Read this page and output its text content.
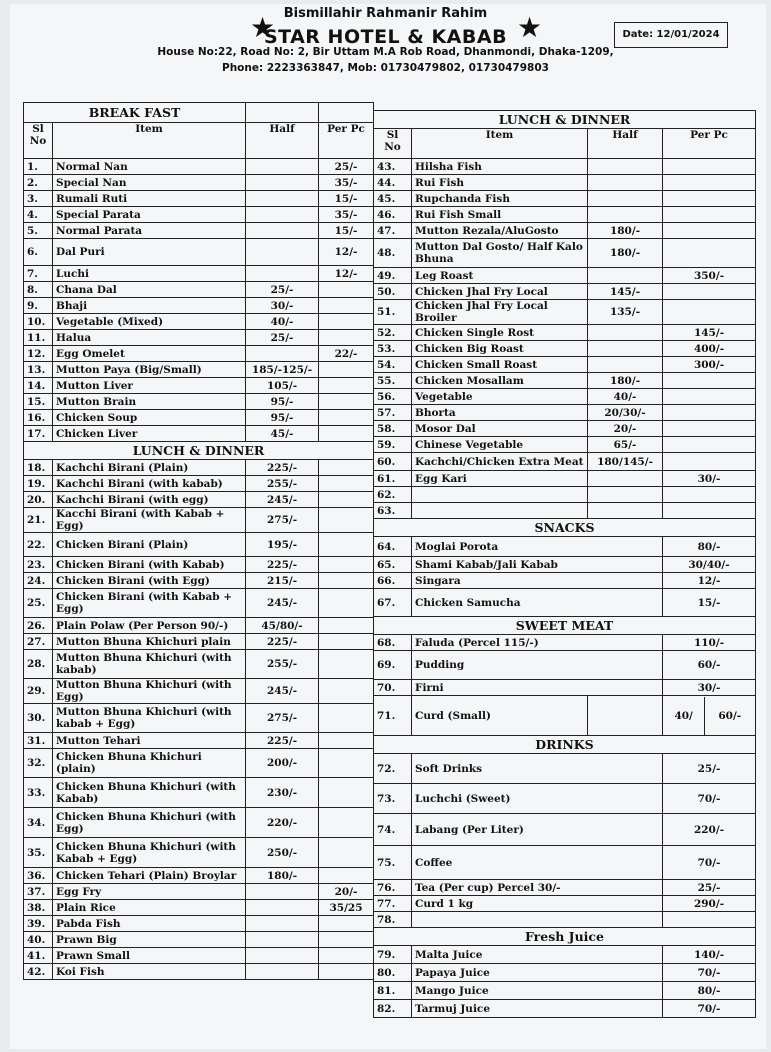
Bismillahir Rahmanir Rahim
★
STAR HOTEL & KABAB ★
House No:22, Road No: 2, Bir Uttam M.A Rob Road, Dhanmondi, Dhaka-1209,
Phone: 2223363847, Mob: 01730479802, 01730479803
Date: 12/01/2024
BREAK FAST			
Sl No	Item	Half	Per Pc
1.	Normal Nan		25/-
2.	Special Nan		35/-
3.	Rumali Ruti		15/-
4.	Special Parata		35/-
5.	Normal Parata		15/-
6.	Dal Puri		12/-
7.	Luchi		12/-
8.	Chana Dal	25/-	
9.	Bhaji	30/-	
10.	Vegetable (Mixed)	40/-	
11.	Halua	25/-	
12.	Egg Omelet		22/-
13.	Mutton Paya (Big/Small)	185/-125/-	
14.	Mutton Liver	105/-	
15.	Mutton Brain	95/-	
16.	Chicken Soup	95/-	
17.	Chicken Liver	45/-	
LUNCH & DINNER			
18.	Kachchi Birani (Plain)	225/-	
19.	Kachchi Birani (with kabab)	255/-	
20.	Kachchi Birani (with egg)	245/-	
21.	Kacchi Birani (with Kabab + Egg)	275/-	
22.	Chicken Birani (Plain)	195/-	
23.	Chicken Birani (with Kabab)	225/-	
24.	Chicken Birani (with Egg)	215/-	
25.	Chicken Birani (with Kabab + Egg)	245/-	
26.	Plain Polaw (Per Person 90/-)	45/80/-	
27.	Mutton Bhuna Khichuri plain	225/-	
28.	Mutton Bhuna Khichuri (with kabab)	255/-	
29.	Mutton Bhuna Khichuri (with Egg)	245/-	
30.	Mutton Bhuna Khichuri (with kabab + Egg)	275/-	
31.	Mutton Tehari	225/-	
32.	Chicken Bhuna Khichuri (plain)	200/-	
33.	Chicken Bhuna Khichuri (with Kabab)	230/-	
34.	Chicken Bhuna Khichuri (with Egg)	220/-	
35.	Chicken Bhuna Khichuri (with Kabab + Egg)	250/-	
36.	Chicken Tehari (Plain) Broylar	180/-	
37.	Egg Fry		20/-
38.	Plain Rice		35/25
39.	Pabda Fish		
40.	Prawn Big		
41.	Prawn Small		
42.	Koi Fish		
LUNCH & DINNER			
Sl No	Item	Half	Per Pc
43.	Hilsha Fish		
44.	Rui Fish		
45.	Rupchanda Fish		
46.	Rui Fish Small		
47.	Mutton Rezala/AluGosto	180/-	
48.	Mutton Dal Gosto/ Half Kalo Bhuna	180/-	
49.	Leg Roast		350/-
50.	Chicken Jhal Fry Local	145/-	
51.	Chicken Jhal Fry Local Broiler	135/-	
52.	Chicken Single Rost		145/-
53.	Chicken Big Roast		400/-
54.	Chicken Small Roast		300/-
55.	Chicken Mosallam	180/-	
56.	Vegetable	40/-	
57.	Bhorta	20/30/-	
58.	Mosor Dal	20/-	
59.	Chinese Vegetable	65/-	
60.	Kachchi/Chicken Extra Meat	180/145/-	
61.	Egg Kari		30/-
62.			
63.			
SNACKS			
64.	Moglai Porota		80/-
65.	Shami Kabab/Jali Kabab		30/40/-
66.	Singara		12/-
67.	Chicken Samucha		15/-
SWEET MEAT			
68.	Faluda (Percel 115/-)		110/-
69.	Pudding		60/-
70.	Firni		30/-
71.	Curd (Small)		40/ 60/-
DRINKS			
72.	Soft Drinks		25/-
73.	Luchchi (Sweet)		70/-
74.	Labang (Per Liter)		220/-
75.	Coffee		70/-
76.	Tea (Per cup) Percel 30/-		25/-
77.	Curd 1 kg		290/-
78.			
Fresh Juice			
79.	Malta Juice		140/-
80.	Papaya Juice		70/-
81.	Mango Juice		80/-
82.	Tarmuj Juice		70/-
